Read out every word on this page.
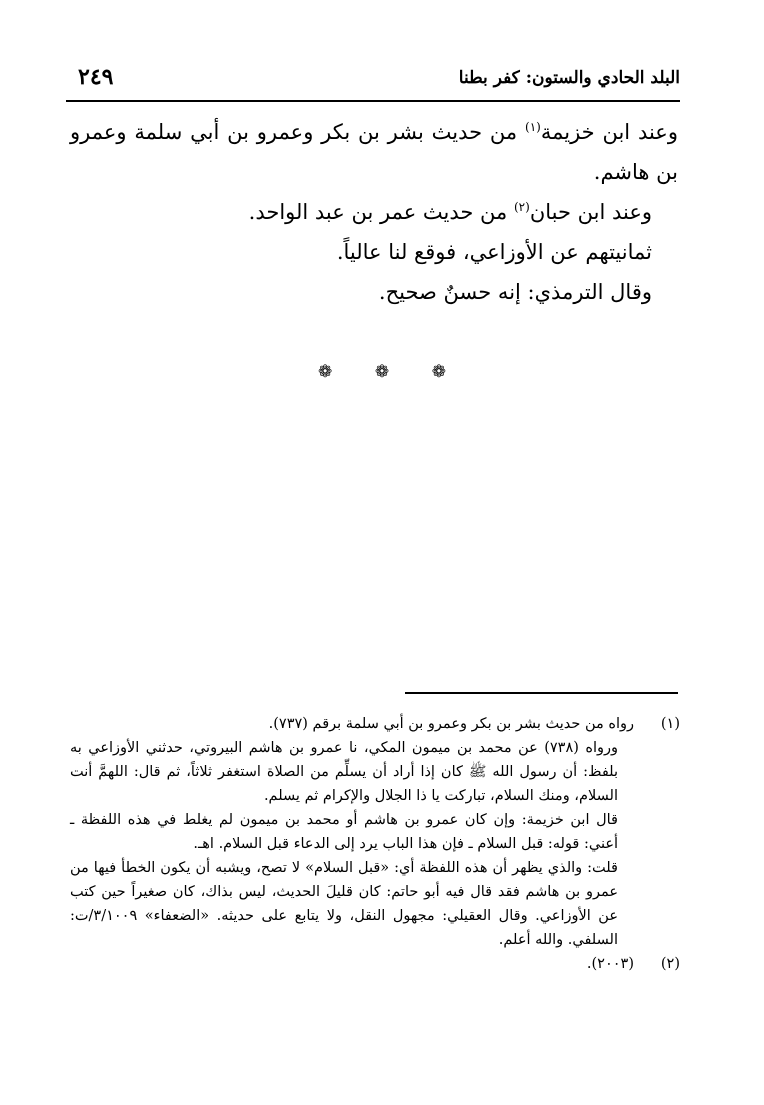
البلد الحادي والستون: كفر بطنا
٢٤٩

وعند ابن خزيمة$^{(١)}$ من حديث بشر بن بكر وعمرو بن أبي سلمة وعمرو بن هاشم.

وعند ابن حبان$^{(٢)}$ من حديث عمر بن عبد الواحد.

ثمانيتهم عن الأوزاعي، فوقع لنا عالياً.

وقال الترمذي: إنه حسنٌ صحيح.

❁	❁	❁

(١)رواه من حديث بشر بن بكر وعمرو بن أبي سلمة برقم (٧٣٧).

ورواه (٧٣٨) عن محمد بن ميمون المكي، نا عمرو بن هاشم البيروتي، حدثني الأوزاعي به بلفظ: أن رسول الله ﷺ كان إذا أراد أن يسلِّم من الصلاة استغفر ثلاثاً، ثم قال: اللهمَّ أنت السلام، ومنك السلام، تباركت يا ذا الجلال والإكرام ثم يسلم.

قال ابن خزيمة: وإن كان عمرو بن هاشم أو محمد بن ميمون لم يغلط في هذه اللفظة ـ أعني: قوله: قبل السلام ـ فإن هذا الباب يرد إلى الدعاء قبل السلام. اهـ.

قلت: والذي يظهر أن هذه اللفظة أي: «قبل السلام» لا تصح، ويشبه أن يكون الخطأ فيها من عمرو بن هاشم فقد قال فيه أبو حاتم: كان قليلَ الحديث، ليس بذاك، كان صغيراً حين كتب عن الأوزاعي. وقال العقيلي: مجهول النقل، ولا يتابع على حديثه. «الضعفاء» ٣/١٠٠٩/ت: السلفي. والله أعلم.

(٢)(٢٠٠٣).
